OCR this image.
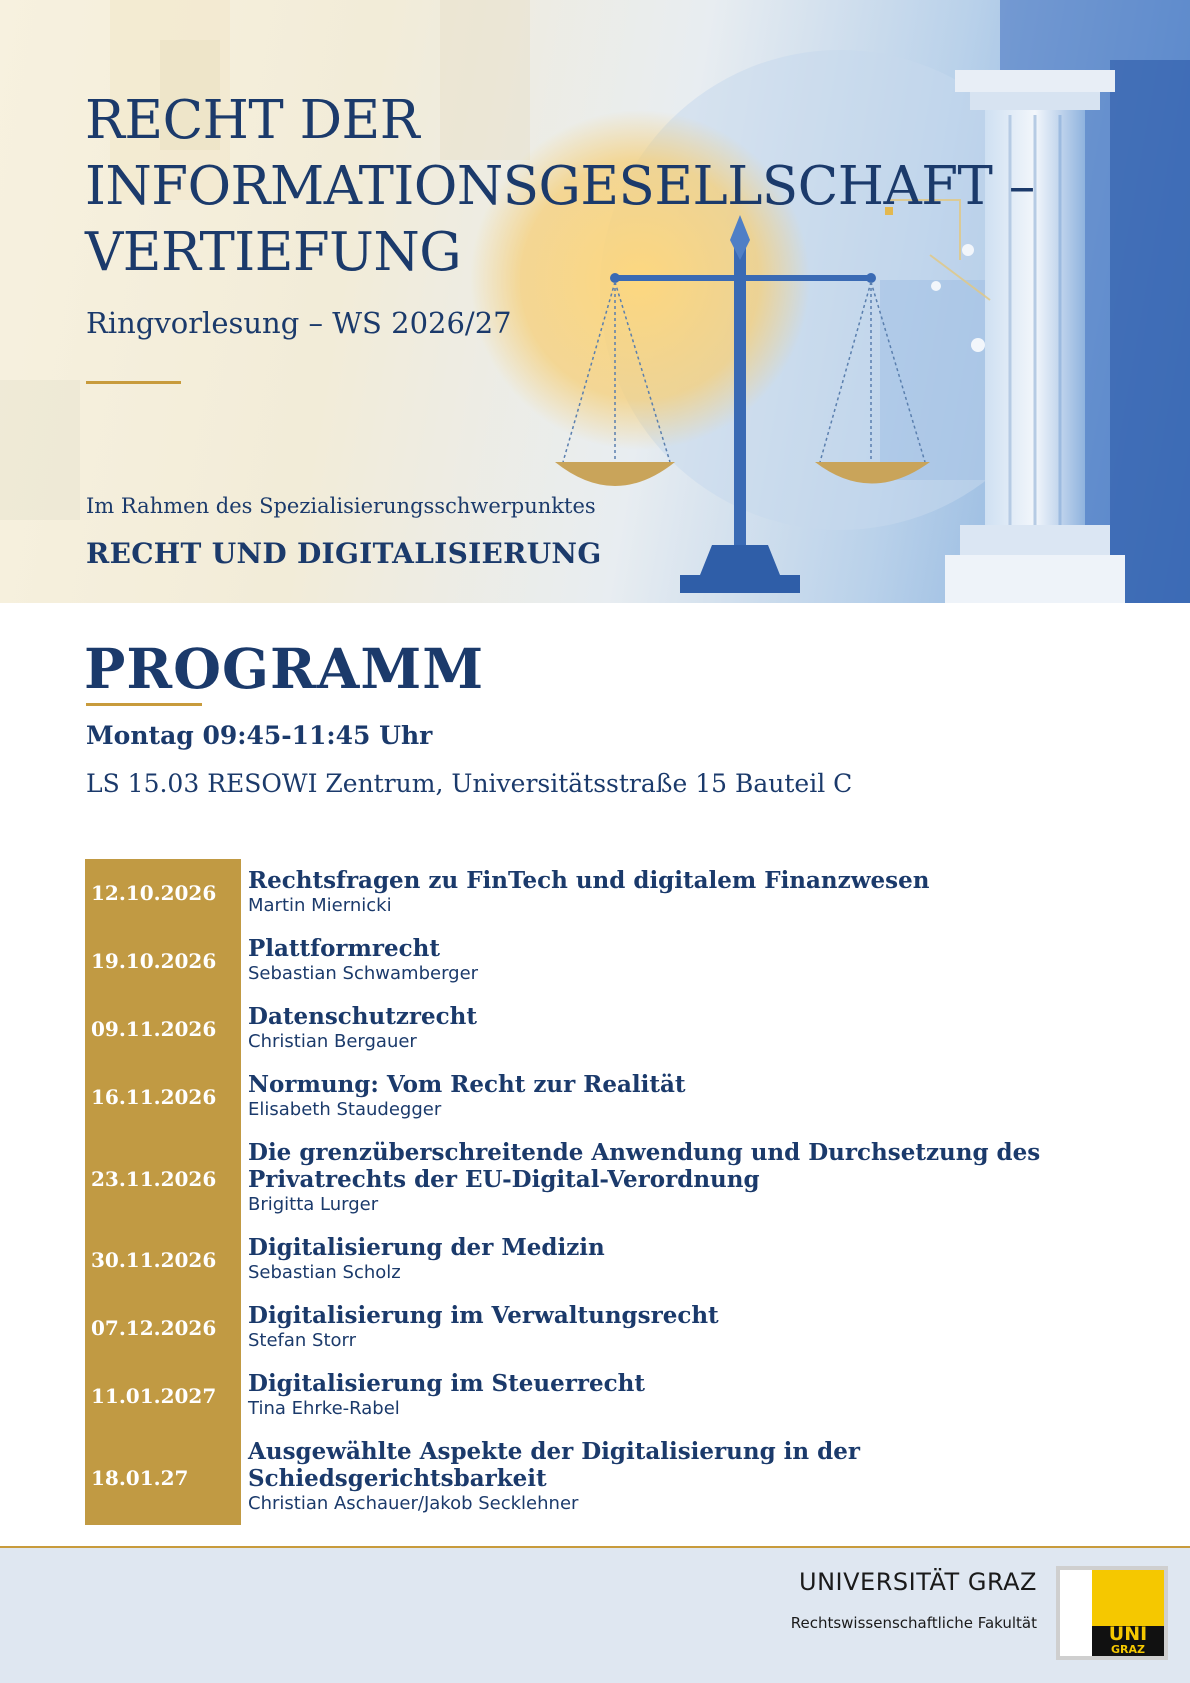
RECHT DER
INFORMATIONSGESELLSCHAFT –
VERTIEFUNG
Ringvorlesung – WS 2026/27
Im Rahmen des Spezialisierungsschwerpunktes
RECHT UND DIGITALISIERUNG
PROGRAMM
Montag 09:45-11:45 Uhr
LS 15.03 RESOWI Zentrum, Universitätsstraße 15 Bauteil C
12.10.2026	Rechtsfragen zu FinTech und digitalem Finanzwesen
Martin Miernicki
19.10.2026	Plattformrecht
Sebastian Schwamberger
09.11.2026	Datenschutzrecht
Christian Bergauer
16.11.2026	Normung: Vom Recht zur Realität
Elisabeth Staudegger
23.11.2026
Die grenzüberschreitende Anwendung und Durchsetzung des
Privatrechts der EU-Digital-Verordnung
Brigitta Lurger
30.11.2026	Digitalisierung der Medizin
Sebastian Scholz
07.12.2026	Digitalisierung im Verwaltungsrecht
Stefan Storr
11.01.2027	Digitalisierung im Steuerrecht
Tina Ehrke-Rabel
18.01.27
Ausgewählte Aspekte der Digitalisierung in der
Schiedsgerichtsbarkeit
Christian Aschauer/Jakob Secklehner
UNIVERSITÄT GRAZ
Rechtswissenschaftliche Fakultät	UNI
GRAZ
